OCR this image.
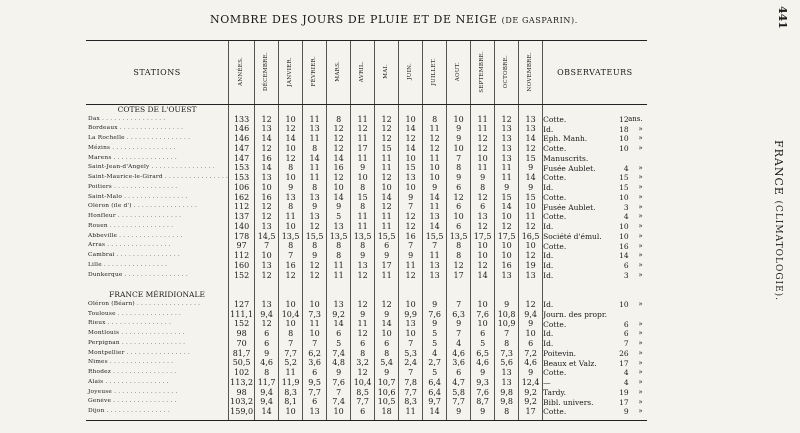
NOMBRE DES JOURS DE PLUIE ET DE NEIGE (DE GASPARIN).	441
FRANCE (CLIMATOLOGIE).
STATIONS	ANNÉES.	DÉCEMBRE.	JANVIER.	FÉVRIER.	MARS.	AVRIL.	MAI.	JUIN.	JUILLET.	AOUT.	SEPTEMBRE.	OCTOBRE.	NOVEMBRE.	OBSERVATEURS
COTES DE L'OUEST														
Dax . . . . . . . . . . . . . . . .	133	12	10	11	8	11	12	10	8	10	11	12	13	Cotte. 12 ans.

Bordeaux . . . . . . . . . . . . . . . .	146	13	12	13	12	12	12	14	11	9	11	13	13	Id. 18 »

La Rochelle . . . . . . . . . . . . . . . .	146	14	14	11	12	11	12	12	12	9	12	13	14	Eph. Manh. 10 »

Mézins . . . . . . . . . . . . . . . .	147	12	10	8	12	17	15	14	12	10	12	13	12	Cotte. 10 »

Marens . . . . . . . . . . . . . . . .	147	16	12	14	14	11	11	10	11	7	10	13	15	Manuscrits.

Saint-Jean-d'Angély . . . . . . . . . . . . . . . .	153	14	8	11	16	9	11	15	10	8	11	11	9	Fusée Aublet. 4 »

Saint-Maurice-le-Girard . . . . . . . . . . . . . . . .	153	13	10	11	12	10	12	13	10	9	9	11	14	Cotte. 15 »

Poitiers . . . . . . . . . . . . . . . .	106	10	9	8	10	8	10	10	9	6	8	9	9	Id. 15 »

Saint-Malo . . . . . . . . . . . . . . . .	162	16	13	13	14	15	14	9	14	12	12	15	15	Cotte. 10 »

Oléron (île d') . . . . . . . . . . . . . . . .	112	12	8	9	9	8	12	7	11	6	6	14	10	Fusée Aublet. 3 »

Honfleur . . . . . . . . . . . . . . . .	137	12	11	13	5	11	11	12	13	10	13	10	11	Cotte. 4 »

Rouen . . . . . . . . . . . . . . . .	140	13	10	12	13	11	11	12	14	6	12	12	12	Id. 10 »

Abbeville . . . . . . . . . . . . . . . .	178	14,5	13,5	15,5	13,5	13,5	15,5	16	15,5	13,5	17,5	17,5	16,5	Société d'émul. 10 »

Arras . . . . . . . . . . . . . . . .	97	7	8	8	8	8	6	7	7	8	10	10	10	Cotte. 16 »

Cambrai . . . . . . . . . . . . . . . .	112	10	7	9	8	9	9	9	11	8	10	10	12	Id. 14 »

Lille . . . . . . . . . . . . . . . .	160	13	16	12	11	13	17	11	13	12	12	16	19	Id. 6 »

Dunkerque . . . . . . . . . . . . . . . .	152	12	12	12	11	12	11	12	13	17	14	13	13	Id. 3 »

FRANCE MÉRIDIONALE														
Oléron (Béarn) . . . . . . . . . . . . . . . .	127	13	10	10	13	12	12	10	9	7	10	9	12	Id. 10 »

Toulouse . . . . . . . . . . . . . . . .	111,1	9,4	10,4	7,3	9,2	9	9	9,9	7,6	6,3	7,6	10,8	9,4	Journ. des propr.

Rieux . . . . . . . . . . . . . . . .	152	12	10	11	14	11	14	13	9	9	10	10,9	9	Cotte. 6 »

Montlouis . . . . . . . . . . . . . . . .	98	6	8	10	6	12	10	10	5	7	6	7	10	Id. 6 »

Perpignan . . . . . . . . . . . . . . . .	70	6	7	7	5	6	6	7	5	4	5	8	6	Id. 7 »

Montpellier . . . . . . . . . . . . . . . .	81,7	9	7,7	6,2	7,4	8	8	5,3	4	4,6	6,5	7,3	7,2	Poitevin. 26 »

Nîmes . . . . . . . . . . . . . . . .	50,5	4,6	5,2	3,6	4,8	3,2	5,4	2,4	2,7	3,6	4,6	5,6	4,6	Beaux et Valz. 17 »

Rhodez . . . . . . . . . . . . . . . .	102	8	11	6	9	12	9	7	5	6	9	13	9	Cotte. 4 »

Alais . . . . . . . . . . . . . . . .	113,2	11,7	11,9	9,5	7,6	10,4	10,7	7,8	6,4	4,7	9,3	13	12,4	— 4 »

Joyeuse . . . . . . . . . . . . . . . .	98	9,4	8,3	7,7	7	8,5	10,6	7,7	6,4	5,8	7,6	9,8	9,2	Tardy. 19 »

Genève . . . . . . . . . . . . . . . .	103,2	9,4	8,1	6	7,4	7,7	10,5	8,3	9,7	7,7	8,7	9,8	9,2	Bibl. univers. 17 »

Dijon . . . . . . . . . . . . . . . .	159,0	14	10	13	10	6	18	11	14	9	9	8	17	Cotte. 9 »
